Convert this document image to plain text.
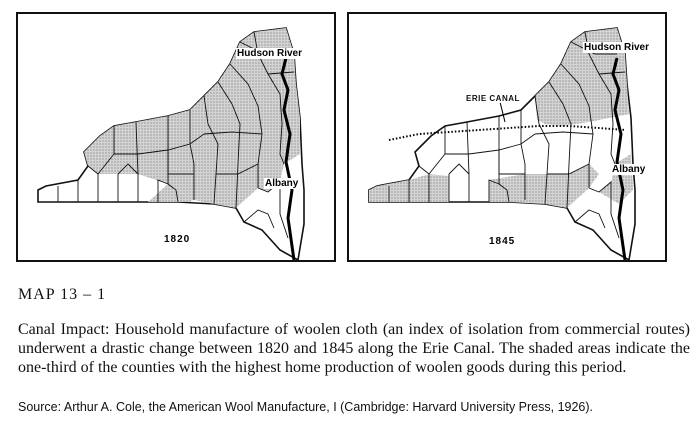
Hudson River
Albany
1820
ERIE CANAL
Hudson River
Albany
1845
MAP 13 – 1

Canal Impact: Household manufacture of woolen cloth (an index of isolation from commercial routes) underwent a drastic change between 1820 and 1845 along the Erie Canal. The shaded areas indicate the one-third of the counties with the highest home production of woolen goods during this period.

Source: Arthur A. Cole, the American Wool Manufacture, I (Cambridge: Harvard University Press, 1926).
